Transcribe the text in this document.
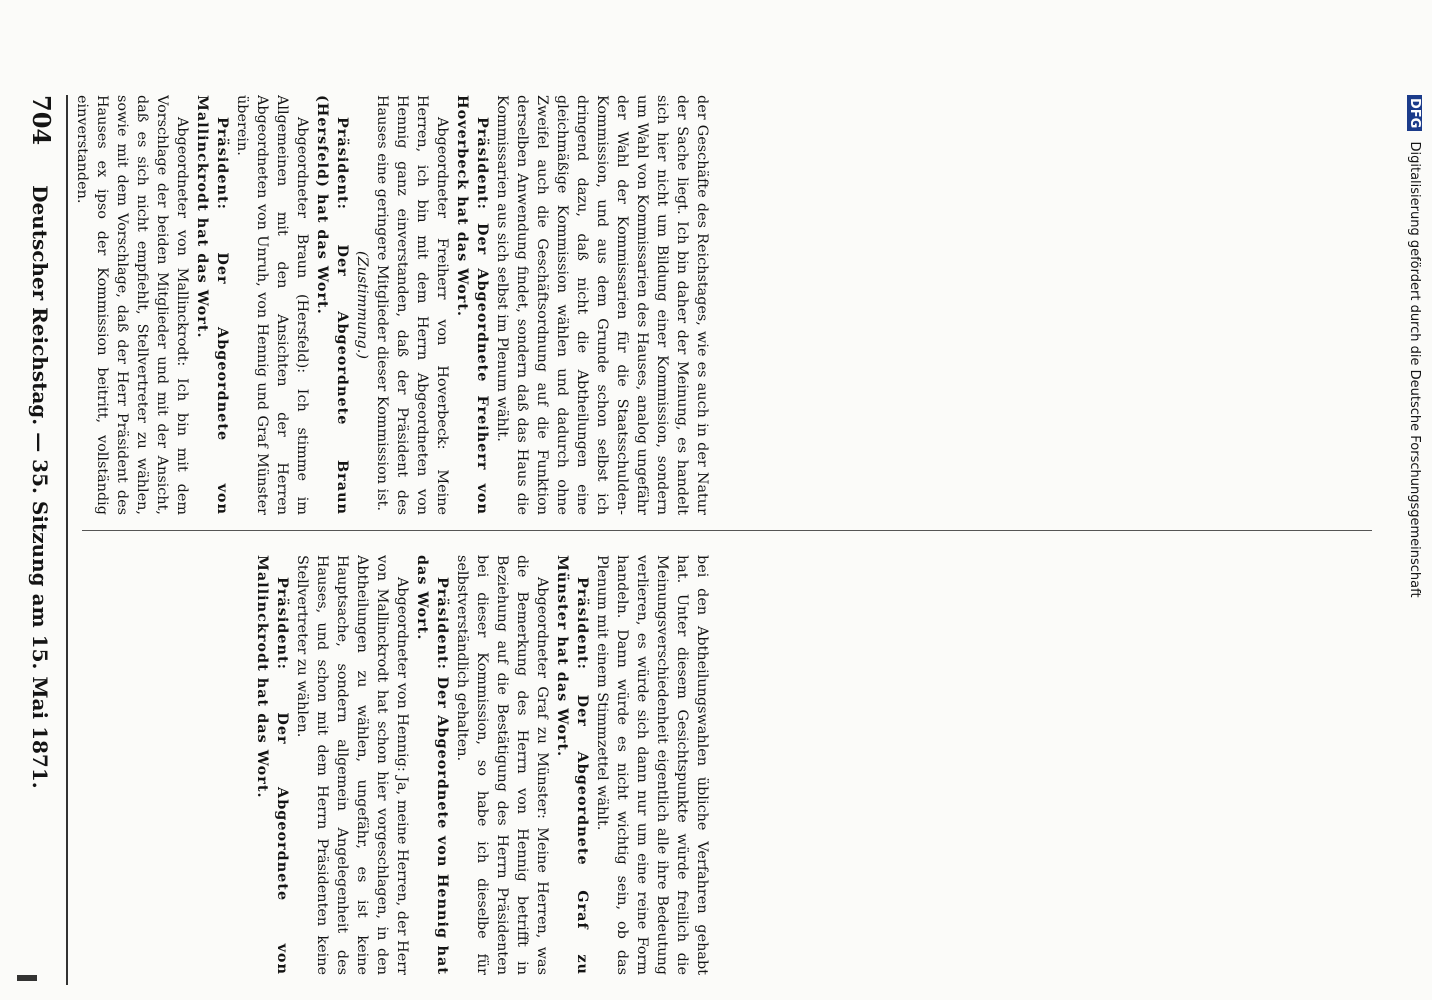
704
Deutscher Reichstag. — 35. Sitzung am 15. Mai 1871.	der Geschäfte des Reichstages, wie es auch in der Natur der Sache liegt. Ich bin daher der Meinung, es handelt sich hier nicht um Bildung einer Kommission, sondern um Wahl von Kommissarien des Hauses, analog ungefähr der Wahl der Kommissarien für die Staatsschulden-Kommission, und aus dem Grunde schon selbst ich dringend dazu, daß nicht die Abtheilungen eine gleichmäßige Kommission wählen und dadurch ohne Zweifel auch die Geschäftsordnung auf die Funktion derselben Anwendung findet, sondern daß das Haus die Kommissarien aus sich selbst im Plenum wählt.

Präsident: Der Abgeordnete Freiherr von Hoverbeck hat das Wort.

Abgeordneter Freiherr von Hoverbeck: Meine Herren, ich bin mit dem Herrn Abgeordneten von Hennig ganz einverstanden, daß der Präsident des Hauses eine geringere Mitglieder dieser Kommission ist.

(Zustimmung.)

Präsident: Der Abgeordnete Braun (Hersfeld) hat das Wort.

Abgeordneter Braun (Hersfeld): Ich stimme im Allgemeinen mit den Ansichten der Herren Abgeordneten von Unruh, von Hennig und Graf Münster überein.

Präsident: Der Abgeordnete von Mallinckrodt hat das Wort.

Abgeordneter von Mallinckrodt: Ich bin mit dem Vorschlage der beiden Mitglieder und mit der Ansicht, daß es sich nicht empfiehlt, Stellvertreter zu wählen, sowie mit dem Vorschlage, daß der Herr Präsident des Hauses ex ipso der Kommission beitritt, vollständig einverstanden.

bei den Abtheilungswahlen übliche Verfahren gehabt hat. Unter diesem Gesichtspunkte würde freilich die Meinungsverschiedenheit eigentlich alle ihre Bedeutung verlieren, es würde sich dann nur um eine reine Form handeln. Dann würde es nicht wichtig sein, ob das Plenum mit einem Stimmzettel wählt.

Präsident: Der Abgeordnete Graf zu Münster hat das Wort.

Abgeordneter Graf zu Münster: Meine Herren, was die Bemerkung des Herrn von Hennig betrifft in Beziehung auf die Bestätigung des Herrn Präsidenten bei dieser Kommission, so habe ich dieselbe für selbstverständlich gehalten.

Präsident: Der Abgeordnete von Hennig hat das Wort.

Abgeordneter von Hennig: Ja, meine Herren, der Herr von Mallinckrodt hat schon hier vorgeschlagen, in den Abtheilungen zu wählen, ungefähr, es ist keine Hauptsache, sondern allgemein Angelegenheit des Hauses, und schon mit dem Herrn Präsidenten keine Stellvertreter zu wählen.

Präsident: Der Abgeordnete von Mallinckrodt hat das Wort.

DFG Digitalisierung gefördert durch die Deutsche Forschungsgemeinschaft
